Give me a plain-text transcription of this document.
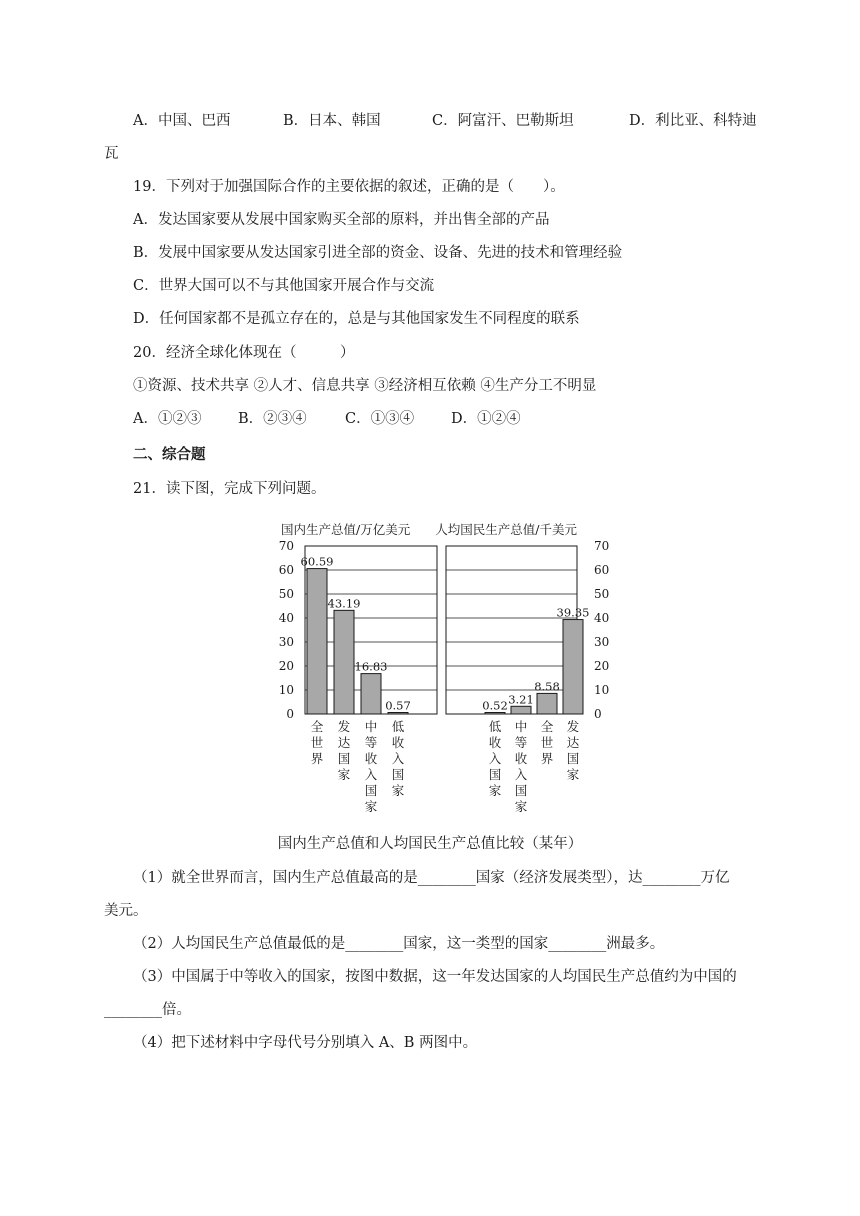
A．中国、巴西	B．日本、韩国	C．阿富汗、巴勒斯坦	D．利比亚、科特迪
瓦
19．下列对于加强国际合作的主要依据的叙述，正确的是（　　）。
A．发达国家要从发展中国家购买全部的原料，并出售全部的产品
B．发展中国家要从发达国家引进全部的资金、设备、先进的技术和管理经验
C．世界大国可以不与其他国家开展合作与交流
D．任何国家都不是孤立存在的，总是与其他国家发生不同程度的联系
20．经济全球化体现在（　　　）
①资源、技术共享 ②人才、信息共享 ③经济相互依赖 ④生产分工不明显
A．①②③	B．②③④	C．①③④	D．①②④
二、综合题
21．读下图，完成下列问题。
国内生产总值/万亿美元
0
10
20
30
40
50
60
70
60.59
全世界
43.19
发达国家
16.83
中等收入国家
0.57
低收入国家
人均国民生产总值/千美元
0
10
20
30
40
50
60
70
0.52
低收入国家
3.21
中等收入国家
8.58
全世界
39.35
发达国家
国内生产总值和人均国民生产总值比较（某年）
（1）就全世界而言，国内生产总值最高的是________国家（经济发展类型），达________万亿
美元。
（2）人均国民生产总值最低的是________国家，这一类型的国家________洲最多。
（3）中国属于中等收入的国家，按图中数据，这一年发达国家的人均国民生产总值约为中国的
________倍。
（4）把下述材料中字母代号分别填入 A、B 两图中。
